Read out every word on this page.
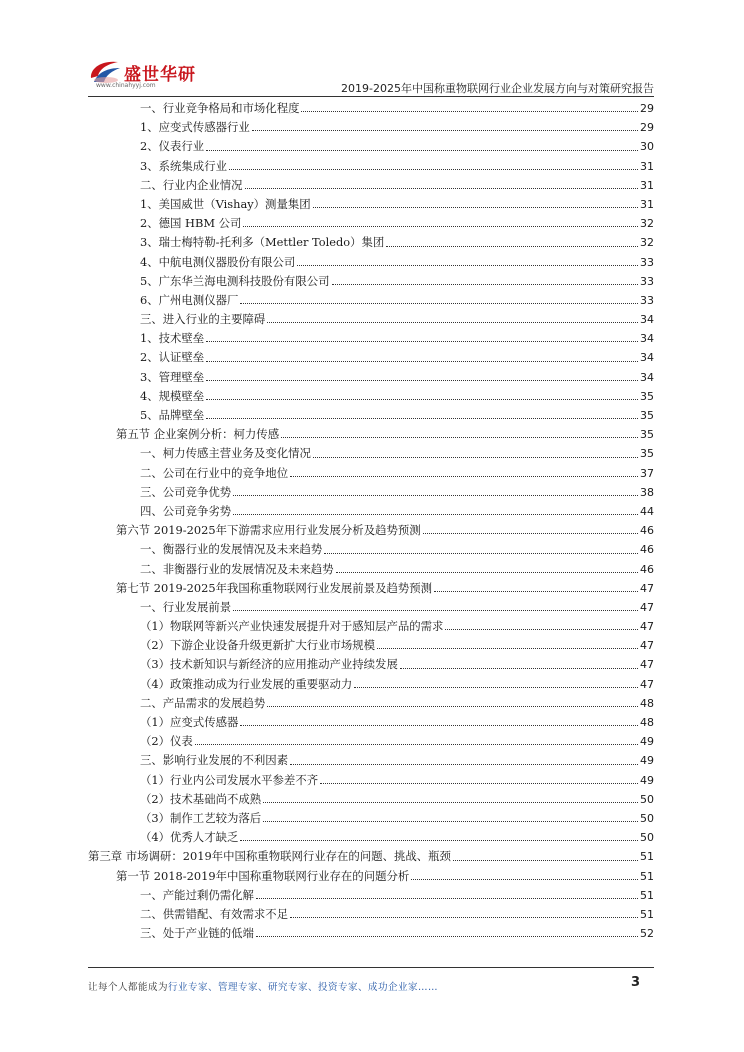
盛世华研
www.chinahyyj.com	2019-2025年中国称重物联网行业企业发展方向与对策研究报告
一、行业竞争格局和市场化程度	29
1、应变式传感器行业	29
2、仪表行业	30
3、系统集成行业	31
二、行业内企业情况	31
1、美国威世（Vishay）测量集团	31
2、德国 HBM 公司	32
3、瑞士梅特勒-托利多（Mettler Toledo）集团	32
4、中航电测仪器股份有限公司	33
5、广东华兰海电测科技股份有限公司	33
6、广州电测仪器厂	33
三、进入行业的主要障碍	34
1、技术壁垒	34
2、认证壁垒	34
3、管理壁垒	34
4、规模壁垒	35
5、品牌壁垒	35
第五节 企业案例分析：柯力传感	35
一、柯力传感主营业务及变化情况	35
二、公司在行业中的竞争地位	37
三、公司竞争优势	38
四、公司竞争劣势	44
第六节 2019-2025年下游需求应用行业发展分析及趋势预测	46
一、衡器行业的发展情况及未来趋势	46
二、非衡器行业的发展情况及未来趋势	46
第七节 2019-2025年我国称重物联网行业发展前景及趋势预测	47
一、行业发展前景	47
（1）物联网等新兴产业快速发展提升对于感知层产品的需求	47
（2）下游企业设备升级更新扩大行业市场规模	47
（3）技术新知识与新经济的应用推动产业持续发展	47
（4）政策推动成为行业发展的重要驱动力	47
二、产品需求的发展趋势	48
（1）应变式传感器	48
（2）仪表	49
三、影响行业发展的不利因素	49
（1）行业内公司发展水平参差不齐	49
（2）技术基础尚不成熟	50
（3）制作工艺较为落后	50
（4）优秀人才缺乏	50
第三章 市场调研：2019年中国称重物联网行业存在的问题、挑战、瓶颈	51
第一节 2018-2019年中国称重物联网行业存在的问题分析	51
一、产能过剩仍需化解	51
二、供需错配、有效需求不足	51
三、处于产业链的低端	52
让每个人都能成为行业专家、管理专家、研究专家、投资专家、成功企业家……	3
